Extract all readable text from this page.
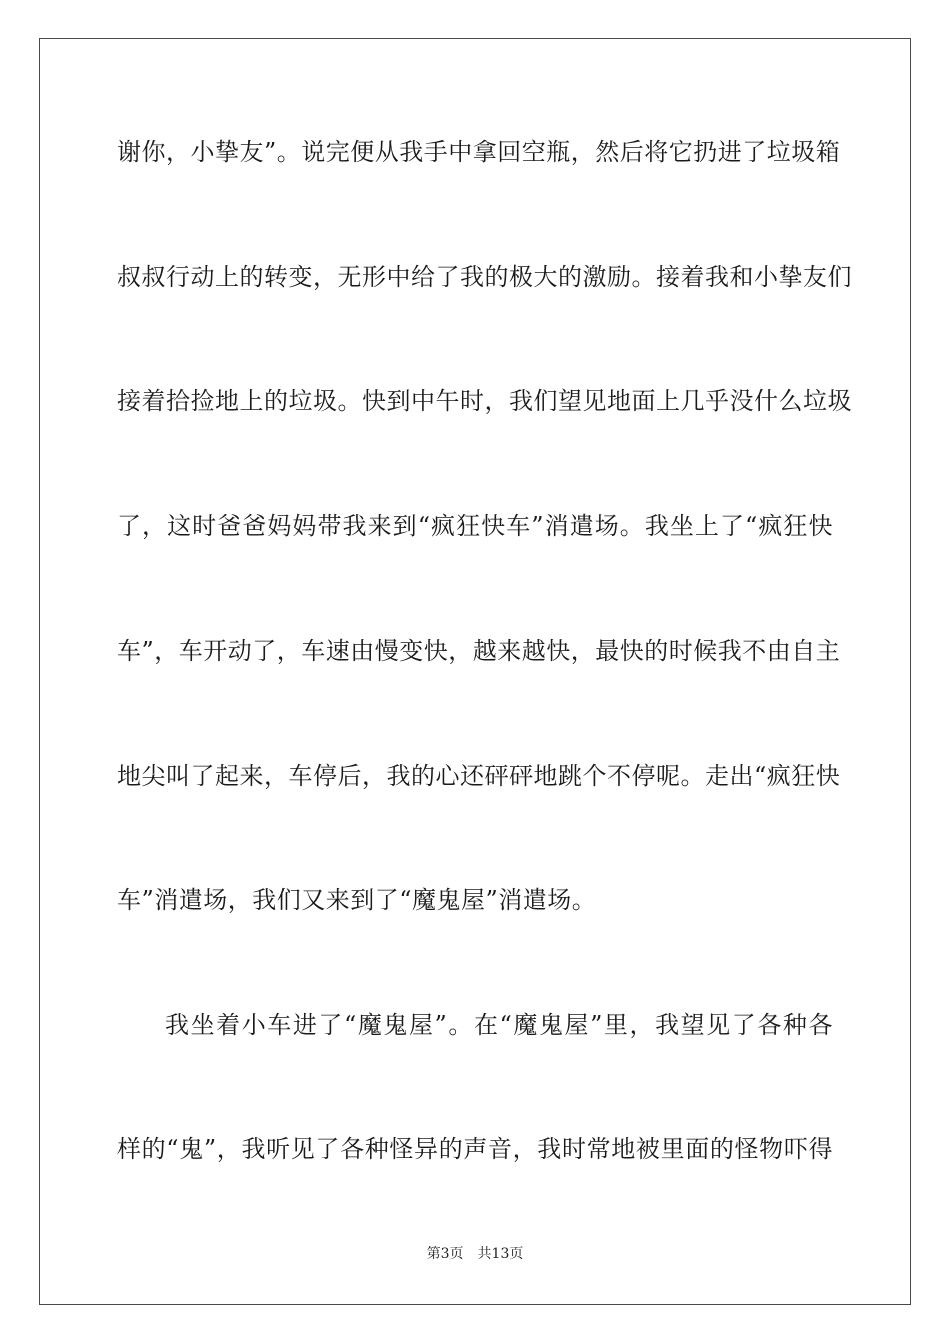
谢你，小挚友”。说完便从我手中拿回空瓶，然后将它扔进了垃圾箱
叔叔行动上的转变，无形中给了我的极大的激励。接着我和小挚友们
接着拾捡地上的垃圾。快到中午时，我们望见地面上几乎没什么垃圾
了，这时爸爸妈妈带我来到“疯狂快车”消遣场。我坐上了“疯狂快
车”，车开动了，车速由慢变快，越来越快，最快的时候我不由自主
地尖叫了起来，车停后，我的心还砰砰地跳个不停呢。走出“疯狂快
车”消遣场，我们又来到了“魔鬼屋”消遣场。
我坐着小车进了“魔鬼屋”。在“魔鬼屋”里，我望见了各种各
样的“鬼”，我听见了各种怪异的声音，我时常地被里面的怪物吓得
第3页 共13页
